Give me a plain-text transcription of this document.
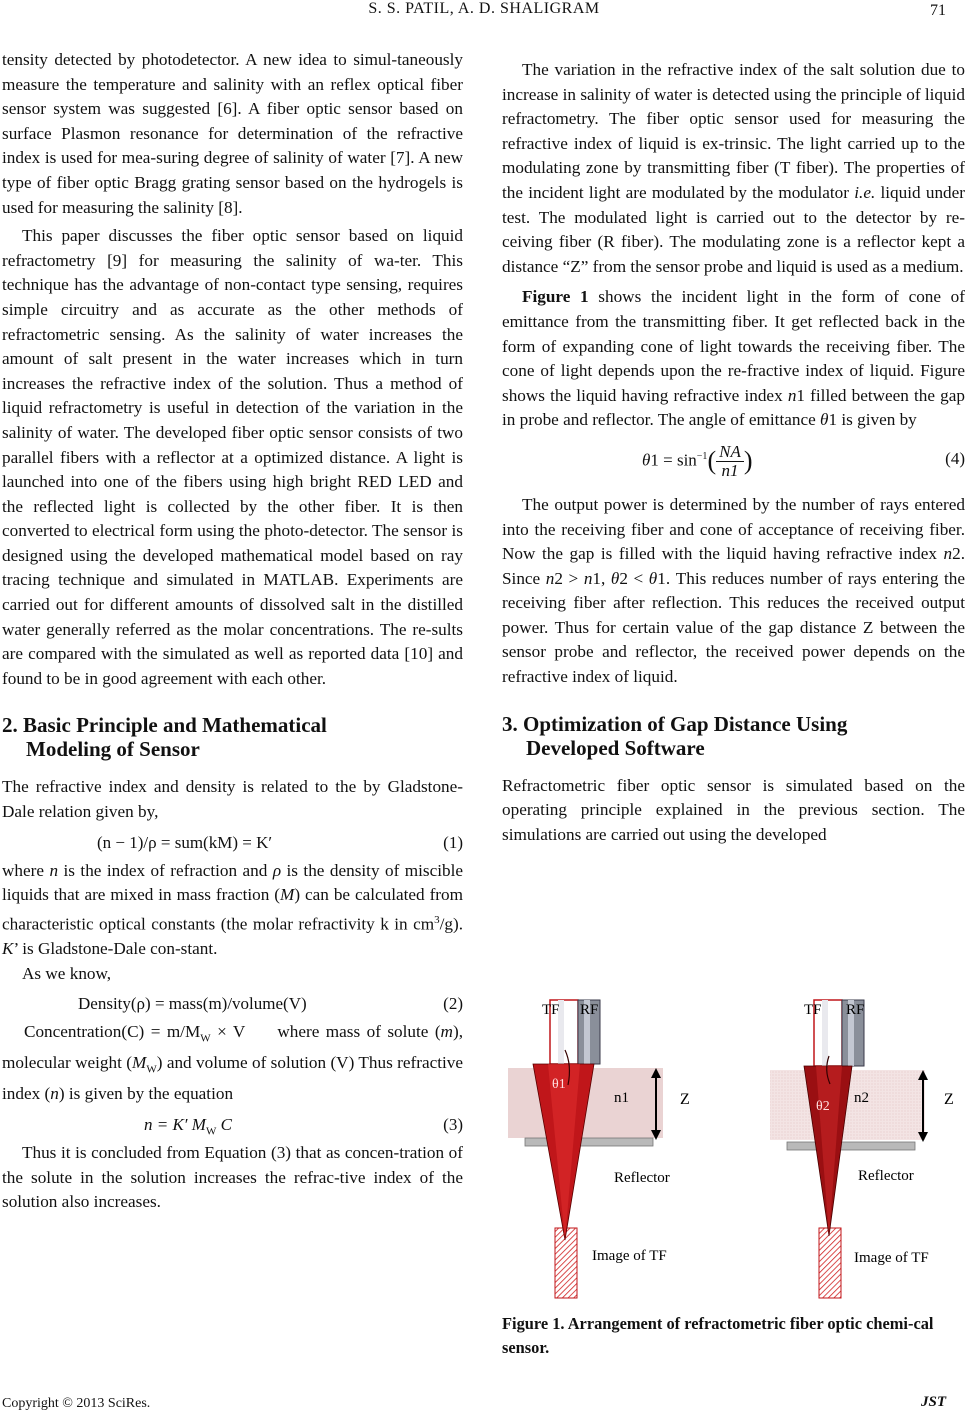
S. S. PATIL, A. D. SHALIGRAM	71

tensity detected by photodetector. A new idea to simul-taneously measure the temperature and salinity with an reflex optical fiber sensor system was suggested [6]. A fiber optic sensor based on surface Plasmon resonance for determination of the refractive index is used for mea-suring degree of salinity of water [7]. A new type of fiber optic Bragg grating sensor based on the hydrogels is used for measuring the salinity [8].

This paper discusses the fiber optic sensor based on liquid refractometry [9] for measuring the salinity of wa-ter. This technique has the advantage of non-contact type sensing, requires simple circuitry and as accurate as the other methods of refractometric sensing. As the salinity of water increases the amount of salt present in the water increases which in turn increases the refractive index of the solution. Thus a method of liquid refractometry is useful in detection of the variation in the salinity of water. The developed fiber optic sensor consists of two parallel fibers with a reflector at a optimized distance. A light is launched into one of the fibers using high bright RED LED and the reflected light is collected by the other fiber. It is then converted to electrical form using the photo-detector. The sensor is designed using the developed mathematical model based on ray tracing technique and simulated in MATLAB. Experiments are carried out for different amounts of dissolved salt in the distilled water generally referred as the molar concentrations. The re-sults are compared with the simulated as well as reported data [10] and found to be in good agreement with each other.

2. Basic Principle and Mathematical
Modeling of Sensor

The refractive index and density is related to the by Gladstone-Dale relation given by,

(n − 1)/ρ = sum(kM) = K′	(1)

where n is the index of refraction and ρ is the density of miscible liquids that are mixed in mass fraction (M) can be calculated from characteristic optical constants (the molar refractivity k in $cm^3/g$). K’ is Gladstone-Dale con-stant.

As we know,

Density(ρ) = mass(m)/volume(V)	(2)

Concentration(C) = $m/M_W \times V$ where mass of solute (m), molecular weight $(M_W)$ and volume of solution (V) Thus refractive index (n) is given by the equation

n = K′ $M_W$ C	(3)

Thus it is concluded from Equation (3) that as concen-tration of the solute in the solution increases the refrac-tive index of the solution also increases.

The variation in the refractive index of the salt solution due to increase in salinity of water is detected using the principle of liquid refractometry. The fiber optic sensor used for measuring the refractive index of liquid is ex-trinsic. The light carried up to the modulating zone by transmitting fiber (T fiber). The properties of the incident light are modulated by the modulator i.e. liquid under test. The modulated light is carried out to the detector by re-ceiving fiber (R fiber). The modulating zone is a reflector kept a distance “Z” from the sensor probe and liquid is used as a medium.

Figure 1 shows the incident light in the form of cone of emittance from the transmitting fiber. It get reflected back in the form of expanding cone of light towards the receiving fiber. The cone of light depends upon the re-fractive index of liquid. Figure shows the liquid having refractive index n1 filled between the gap in probe and reflector. The angle of emittance θ1 is given by

$\theta 1 = \sin^{-1}( \frac{NA}{n1}$ )	(4)

The output power is determined by the number of rays entered into the receiving fiber and cone of acceptance of receiving fiber. Now the gap is filled with the liquid having refractive index n2. Since n2 > n1, θ2 < θ1. This reduces number of rays entering the receiving fiber after reflection. This reduces the received output power. Thus for certain value of the gap distance Z between the sensor probe and reflector, the received power depends on the refractive index of liquid.

3. Optimization of Gap Distance Using
Developed Software

Refractometric fiber optic sensor is simulated based on the operating principle explained in the previous section. The simulations are carried out using the developed

TF RF
θ1
n1	Z
Reflector
Image of TF
TF RF
θ2
n2	Z
Reflector
Image of TF
Figure 1. Arrangement of refractometric fiber optic chemi-cal sensor.
Copyright © 2013 SciRes.	JST
